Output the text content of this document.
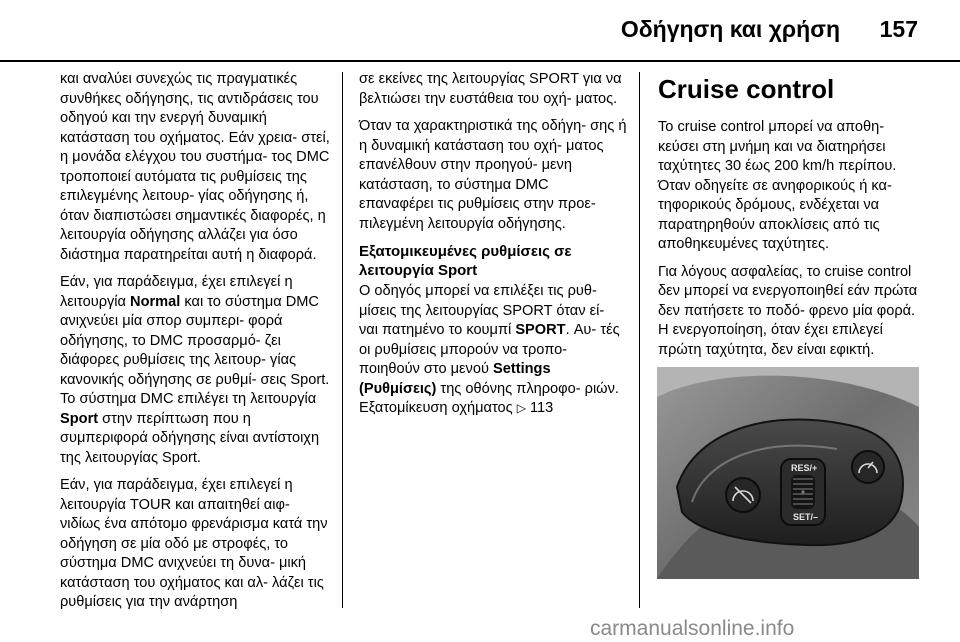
Οδήγηση και χρήση 157

και αναλύει συνεχώς τις πραγματικές συνθήκες οδήγησης, τις αντιδράσεις του οδηγού και την ενεργή δυναμική κατάσταση του οχήματος. Εάν χρεια- στεί, η μονάδα ελέγχου του συστήμα- τος DMC τροποποιεί αυτόματα τις ρυθμίσεις της επιλεγμένης λειτουρ- γίας οδήγησης ή, όταν διαπιστώσει σημαντικές διαφορές, η λειτουργία οδήγησης αλλάζει για όσο διάστημα παρατηρείται αυτή η διαφορά.

Εάν, για παράδειγμα, έχει επιλεγεί η λειτουργία Normal και το σύστημα DMC ανιχνεύει μία σπορ συμπερι- φορά οδήγησης, το DMC προσαρμό- ζει διάφορες ρυθμίσεις της λειτουρ- γίας κανονικής οδήγησης σε ρυθμί- σεις Sport. Το σύστημα DMC επιλέγει τη λειτουργία Sport στην περίπτωση που η συμπεριφορά οδήγησης είναι αντίστοιχη της λειτουργίας Sport.

Εάν, για παράδειγμα, έχει επιλεγεί η λειτουργία TOUR και απαιτηθεί αιφ- νιδίως ένα απότομο φρενάρισμα κατά την οδήγηση σε μία οδό με στροφές, το σύστημα DMC ανιχνεύει τη δυνα- μική κατάσταση του οχήματος και αλ- λάζει τις ρυθμίσεις για την ανάρτηση

σε εκείνες της λειτουργίας SPORT για να βελτιώσει την ευστάθεια του οχή- ματος.

Όταν τα χαρακτηριστικά της οδήγη- σης ή η δυναμική κατάσταση του οχή- ματος επανέλθουν στην προηγού- μενη κατάσταση, το σύστημα DMC επαναφέρει τις ρυθμίσεις στην προε- πιλεγμένη λειτουργία οδήγησης.

Εξατομικευμένες ρυθμίσεις σε λειτουργία Sport

Ο οδηγός μπορεί να επιλέξει τις ρυθ- μίσεις της λειτουργίας SPORT όταν εί- ναι πατημένο το κουμπί SPORT. Αυ- τές οι ρυθμίσεις μπορούν να τροπο- ποιηθούν στο μενού Settings (Ρυθμίσεις) της οθόνης πληροφο- ριών. Εξατομίκευση οχήματος ▷ 113

Cruise control

Το cruise control μπορεί να αποθη- κεύσει στη μνήμη και να διατηρήσει ταχύτητες 30 έως 200 km/h περίπου. Όταν οδηγείτε σε ανηφορικούς ή κα- τηφορικούς δρόμους, ενδέχεται να παρατηρηθούν αποκλίσεις από τις αποθηκευμένες ταχύτητες.

Για λόγους ασφαλείας, το cruise control δεν μπορεί να ενεργοποιηθεί εάν πρώτα δεν πατήσετε το ποδό- φρενο μία φορά. Η ενεργοποίηση, όταν έχει επιλεγεί πρώτη ταχύτητα, δεν είναι εφικτή.

RES/+
SET/–
carmanualsonline.info
